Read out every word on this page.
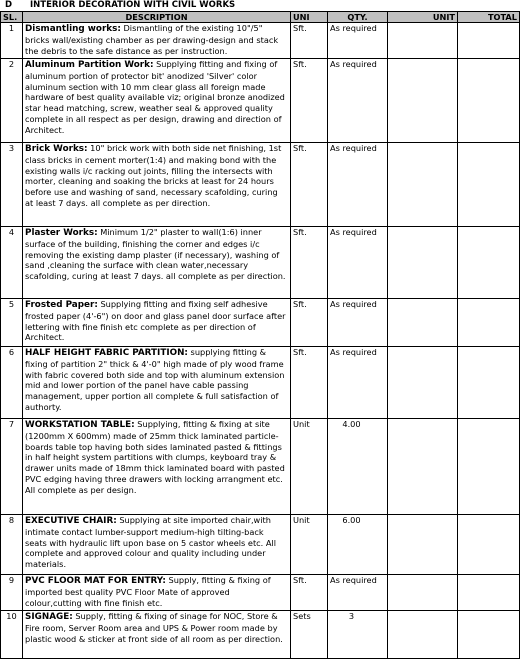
D	INTERIOR DECORATION WITH CIVIL WORKS
SL.	DESCRIPTION	UNI	QTY.	UNIT	TOTAL
1	Dismantling works: Dismantling of the existing 10"/5" bricks wall/existing chamber as per drawing-design and stack the debris to the safe distance as per instruction.	Sft.	As required		
2	Aluminum Partition Work: Supplying fitting and fixing of aluminum portion of protector bit' anodized 'Silver' color aluminum section with 10 mm clear glass all foreign made hardware of best quality available viz; original bronze anodized star head matching, screw, weather seal & approved quality complete in all respect as per design, drawing and direction of Architect.	Sft.	As required		
3	Brick Works: 10" brick work with both side net finishing, 1st class bricks in cement morter(1:4) and making bond with the existing walls i/c racking out joints, filling the intersects with morter, cleaning and soaking the bricks at least for 24 hours before use and washing of sand, necessary scafolding, curing at least 7 days. all complete as per direction.	Sft.	As required		
4	Plaster Works: Minimum 1/2" plaster to wall(1:6) inner surface of the building, finishing the corner and edges i/c removing the existing damp plaster (if necessary), washing of sand ,cleaning the surface with clean water,necessary scafolding, curing at least 7 days. all complete as per direction.	Sft.	As required		
5	Frosted Paper: Supplying fitting and fixing self adhesive frosted paper (4'-6") on door and glass panel door surface after lettering with fine finish etc complete as per direction of Architect.	Sft.	As required		
6	HALF HEIGHT FABRIC PARTITION: supplying fitting & fixing of partition 2" thick & 4'-0" high made of ply wood frame with fabric covered both side and top with aluminum extension mid and lower portion of the panel have cable passing management, upper portion all complete & full satisfaction of authorty.	Sft.	As required		
7	WORKSTATION TABLE: Supplying, fitting & fixing at site (1200mm X 600mm) made of 25mm thick laminated particle-boards table top having both sides laminated pasted & fittings in half height system partitions with clumps, keyboard tray & drawer units made of 18mm thick laminated board with pasted PVC edging having three drawers with locking arrangment etc. All complete as per design.	Unit	4.00		
8	EXECUTIVE CHAIR: Supplying at site imported chair,with intimate contact lumber-support medium-high tilting-back seats with hydraulic lift upon base on 5 castor wheels etc. All complete and approved colour and quality including under materials.	Unit	6.00		
9	PVC FLOOR MAT FOR ENTRY: Supply, fitting & fixing of imported best quality PVC Floor Mate of approved colour,cutting with fine finish etc.	Sft.	As required		
10	SIGNAGE: Supply, fitting & fixing of sinage for NOC, Store & Fire room, Server Room area and UPS & Power room made by plastic wood & sticker at front side of all room as per direction.	Sets	3		
